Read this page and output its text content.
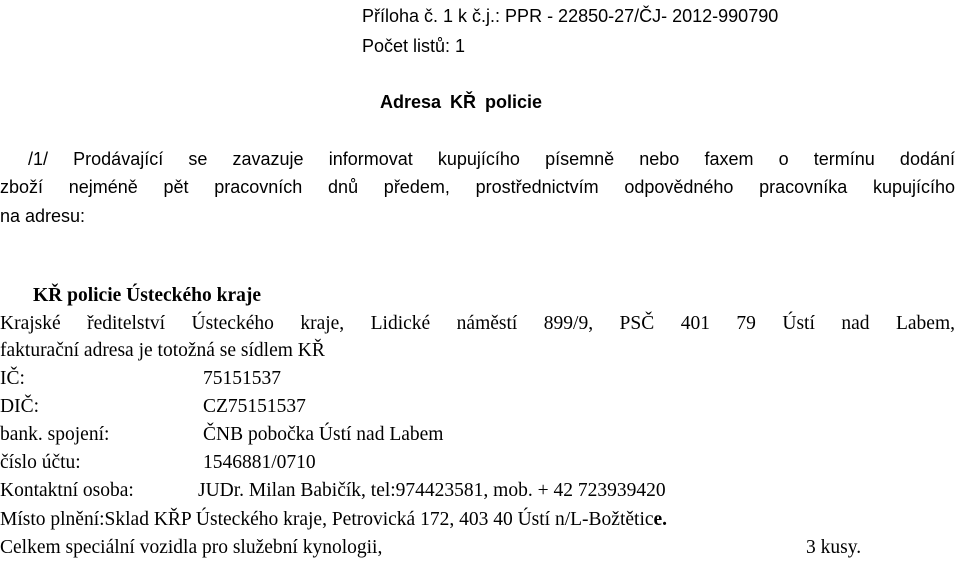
Příloha č. 1 k č.j.: PPR - 22850-27/ČJ- 2012-990790
Počet listů: 1
Adresa KŘ policie
/1/ Prodávající se zavazuje informovat kupujícího písemně nebo faxem o termínu dodání
zboží nejméně pět pracovních dnů předem, prostřednictvím odpovědného pracovníka kupujícího
na adresu:
KŘ policie Ústeckého kraje
Krajské ředitelství Ústeckého kraje, Lidické náměstí 899/9, PSČ 401 79 Ústí nad Labem,
fakturační adresa je totožná se sídlem KŘ
IČ:	75151537
DIČ:	CZ75151537
bank. spojení:	ČNB pobočka Ústí nad Labem
číslo účtu:	1546881/0710
Kontaktní osoba:	JUDr. Milan Babičík, tel:974423581, mob. + 42 723939420
Místo plnění:Sklad KŘP Ústeckého kraje, Petrovická 172, 403 40 Ústí n/L-Božtětice.
Celkem speciální vozidla pro služební kynologii,	3 kusy.
